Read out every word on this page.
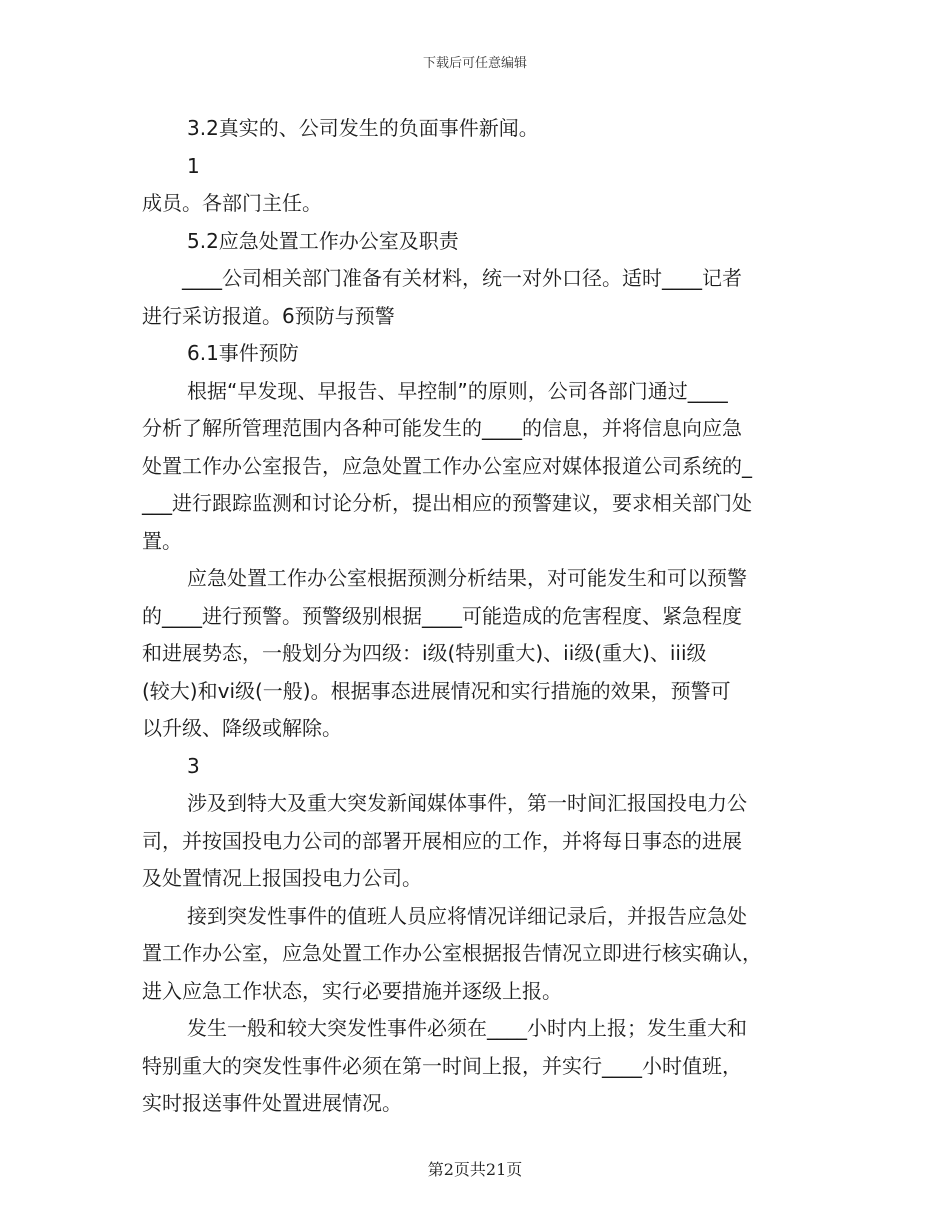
下载后可任意编辑
3.2真实的、公司发生的负面事件新闻。
1
成员。各部门主任。
5.2应急处置工作办公室及职责
____公司相关部门准备有关材料，统一对外口径。适时____记者
进行采访报道。6预防与预警
6.1事件预防
根据“早发现、早报告、早控制”的原则，公司各部门通过____
分析了解所管理范围内各种可能发生的____的信息，并将信息向应急
处置工作办公室报告，应急处置工作办公室应对媒体报道公司系统的_
___进行跟踪监测和讨论分析，提出相应的预警建议，要求相关部门处
置。
应急处置工作办公室根据预测分析结果，对可能发生和可以预警
的____进行预警。预警级别根据____可能造成的危害程度、紧急程度
和进展势态，一般划分为四级：i级(特别重大)、ii级(重大)、iii级
(较大)和vi级(一般)。根据事态进展情况和实行措施的效果，预警可
以升级、降级或解除。
3
涉及到特大及重大突发新闻媒体事件，第一时间汇报国投电力公
司，并按国投电力公司的部署开展相应的工作，并将每日事态的进展
及处置情况上报国投电力公司。
接到突发性事件的值班人员应将情况详细记录后，并报告应急处
置工作办公室，应急处置工作办公室根据报告情况立即进行核实确认，
进入应急工作状态，实行必要措施并逐级上报。
发生一般和较大突发性事件必须在____小时内上报；发生重大和
特别重大的突发性事件必须在第一时间上报，并实行____小时值班，
实时报送事件处置进展情况。
第2页共21页
